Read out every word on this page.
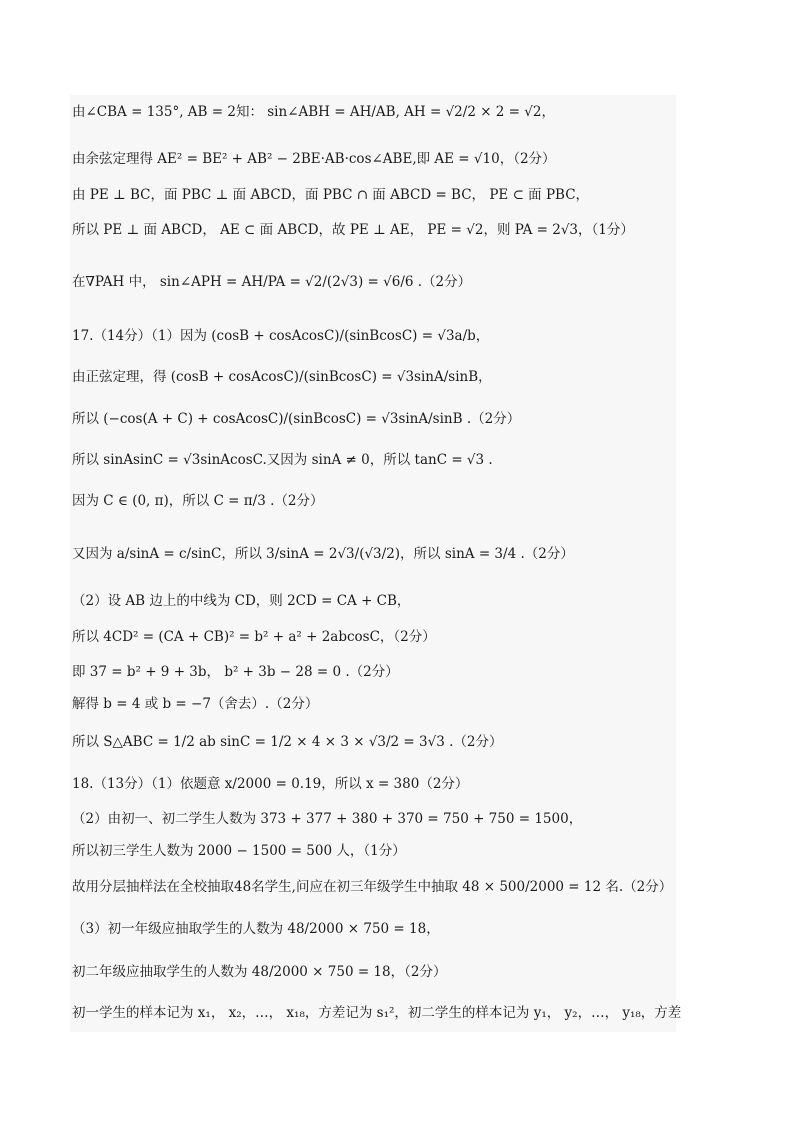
由∠CBA = 135°, AB = 2知： sin∠ABH = AH/AB, AH = √2/2 × 2 = √2，
由余弦定理得 AE² = BE² + AB² − 2BE·AB·cos∠ABE,即 AE = √10，（2分）
由 PE ⊥ BC，面 PBC ⊥ 面 ABCD，面 PBC ∩ 面 ABCD = BC， PE ⊂ 面 PBC，
所以 PE ⊥ 面 ABCD， AE ⊂ 面 ABCD，故 PE ⊥ AE， PE = √2，则 PA = 2√3，（1分）
在∇PAH 中， sin∠APH = AH/PA = √2/(2√3) = √6/6 .（2分）
17.（14分）（1）因为 (cosB + cosAcosC)/(sinBcosC) = √3a/b，
由正弦定理，得 (cosB + cosAcosC)/(sinBcosC) = √3sinA/sinB，
所以 (−cos(A + C) + cosAcosC)/(sinBcosC) = √3sinA/sinB .（2分）
所以 sinAsinC = √3sinAcosC.又因为 sinA ≠ 0，所以 tanC = √3 .
因为 C ∈ (0, π)，所以 C = π/3 .（2分）
又因为 a/sinA = c/sinC，所以 3/sinA = 2√3/(√3/2)，所以 sinA = 3/4 .（2分）
（2）设 AB 边上的中线为 CD，则 2CD = CA + CB，
所以 4CD² = (CA + CB)² = b² + a² + 2abcosC，（2分）
即 37 = b² + 9 + 3b， b² + 3b − 28 = 0 .（2分）
解得 b = 4 或 b = −7（舍去）.（2分）
所以 S△ABC = 1/2 ab sinC = 1/2 × 4 × 3 × √3/2 = 3√3 .（2分）
18.（13分）（1）依题意 x/2000 = 0.19，所以 x = 380（2分）
（2）由初一、初二学生人数为 373 + 377 + 380 + 370 = 750 + 750 = 1500，
所以初三学生人数为 2000 − 1500 = 500 人，（1分）
故用分层抽样法在全校抽取48名学生,问应在初三年级学生中抽取 48 × 500/2000 = 12 名.（2分）
（3）初一年级应抽取学生的人数为 48/2000 × 750 = 18，
初二年级应抽取学生的人数为 48/2000 × 750 = 18，（2分）
初一学生的样本记为 x₁， x₂，…， x₁₈，方差记为 s₁²，初二学生的样本记为 y₁， y₂，…， y₁₈，方差
